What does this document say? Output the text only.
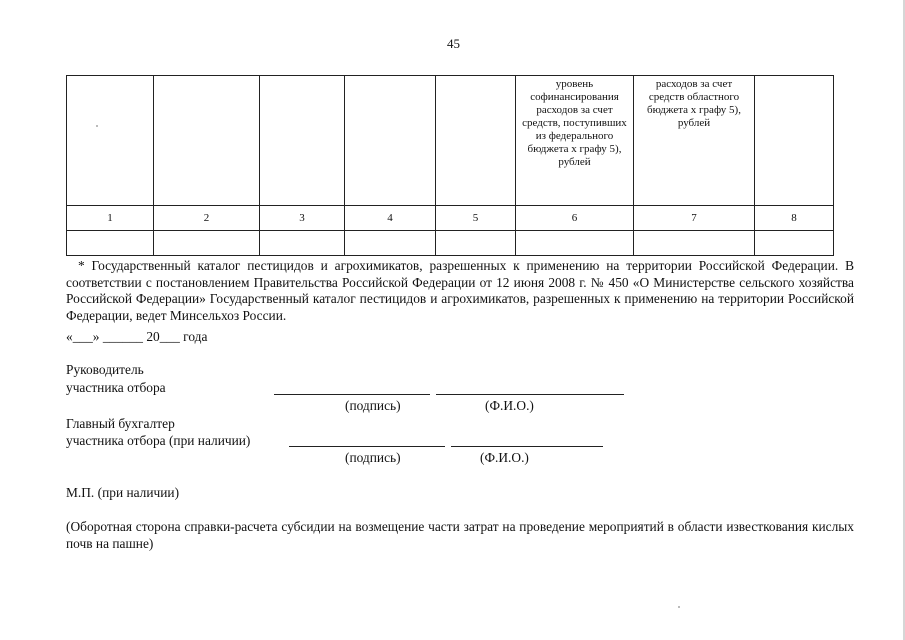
45

					уровень софинансирования расходов за счет средств, поступивших из федерального бюджета x графу 5), рублей	расходов за счет средств областного бюджета x графу 5), рублей	

1	2	3	4	5	6	7	8

* Государственный каталог пестицидов и агрохимикатов, разрешенных к применению на территории Российской Федерации. В соответствии с постановлением Правительства Российской Федерации от 12 июня 2008 г. № 450 «О Министерстве сельского хозяйства Российской Федерации» Государственный каталог пестицидов и агрохимикатов, разрешенных к применению на территории Российской Федерации, ведет Минсельхоз России.
«___» ______ 20___ года
Руководитель
участника отбора
(подпись)	(Ф.И.О.)
Главный бухгалтер
участника отбора (при наличии)
(подпись)	(Ф.И.О.)
М.П. (при наличии)
(Оборотная сторона справки-расчета субсидии на возмещение части затрат на проведение мероприятий в области известкования кислых почв на пашне)
